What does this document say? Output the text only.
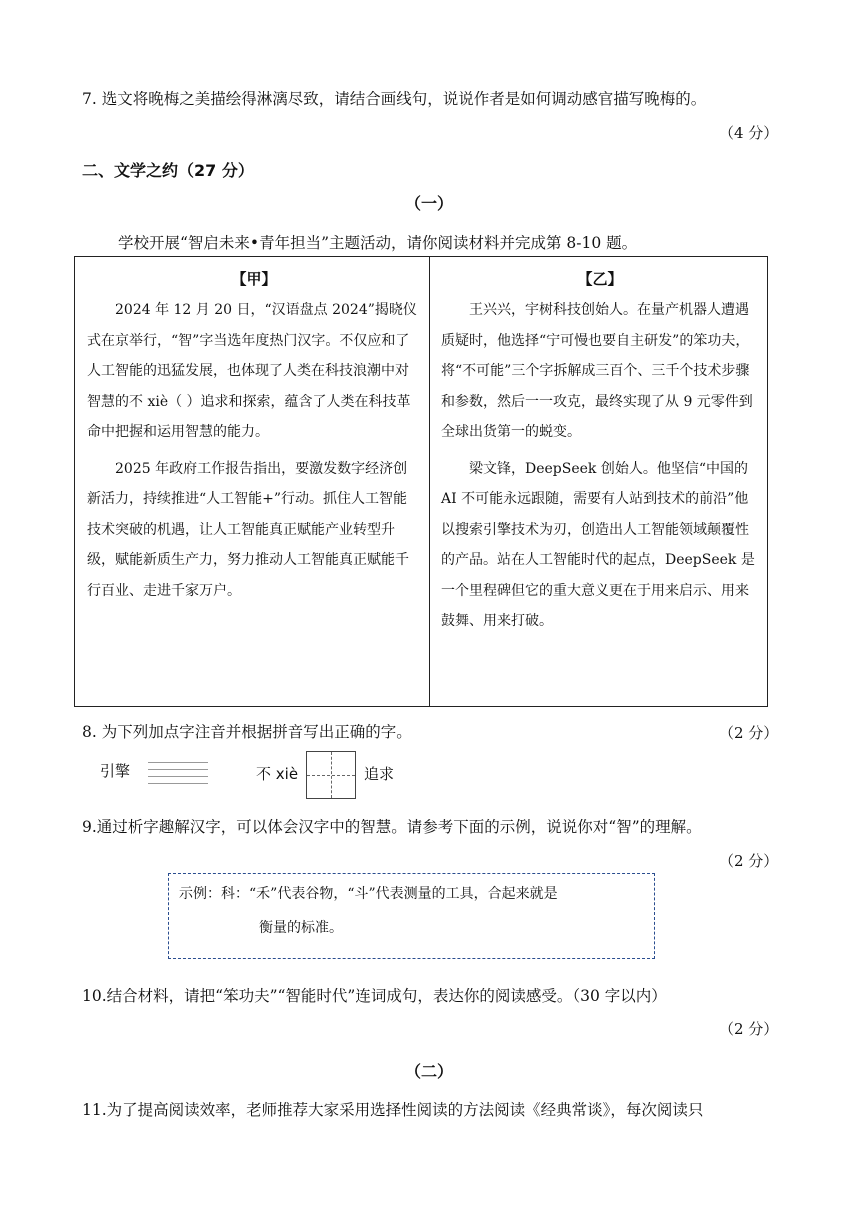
7. 选文将晚梅之美描绘得淋漓尽致，请结合画线句，说说作者是如何调动感官描写晚梅的。
（4 分）
二、文学之约（27 分）
（一）
学校开展“智启未来•青年担当”主题活动，请你阅读材料并完成第 8-10 题。
【甲】

2024 年 12 月 20 日，“汉语盘点 2024”揭晓仪式在京举行，“智”字当选年度热门汉字。不仅应和了人工智能的迅猛发展，也体现了人类在科技浪潮中对智慧的不 xiè（ ）追求和探索，蕴含了人类在科技革命中把握和运用智慧的能力。

2025 年政府工作报告指出，要激发数字经济创新活力，持续推进“人工智能+”行动。抓住人工智能技术突破的机遇，让人工智能真正赋能产业转型升级，赋能新质生产力，努力推动人工智能真正赋能千行百业、走进千家万户。

【乙】

王兴兴，宇树科技创始人。在量产机器人遭遇质疑时，他选择“宁可慢也要自主研发”的笨功夫，将“不可能”三个字拆解成三百个、三千个技术步骤和参数，然后一一攻克，最终实现了从 9 元零件到全球出货第一的蜕变。

梁文锋，DeepSeek 创始人。他坚信“中国的 AI 不可能永远跟随，需要有人站到技术的前沿”他以搜索引擎技术为刃，创造出人工智能领域颠覆性的产品。站在人工智能时代的起点，DeepSeek 是一个里程碑但它的重大意义更在于用来启示、用来鼓舞、用来打破。

8. 为下列加点字注音并根据拼音写出正确的字。	（2 分）
引擎	不 xiè	追求
9.通过析字趣解汉字，可以体会汉字中的智慧。请参考下面的示例，说说你对“智”的理解。
（2 分）
示例：科：“禾”代表谷物，“斗”代表测量的工具，合起来就是
衡量的标准。
10.结合材料，请把“笨功夫”“智能时代”连词成句，表达你的阅读感受。（30 字以内）
（2 分）
（二）
11.为了提高阅读效率，老师推荐大家采用选择性阅读的方法阅读《经典常谈》，每次阅读只
